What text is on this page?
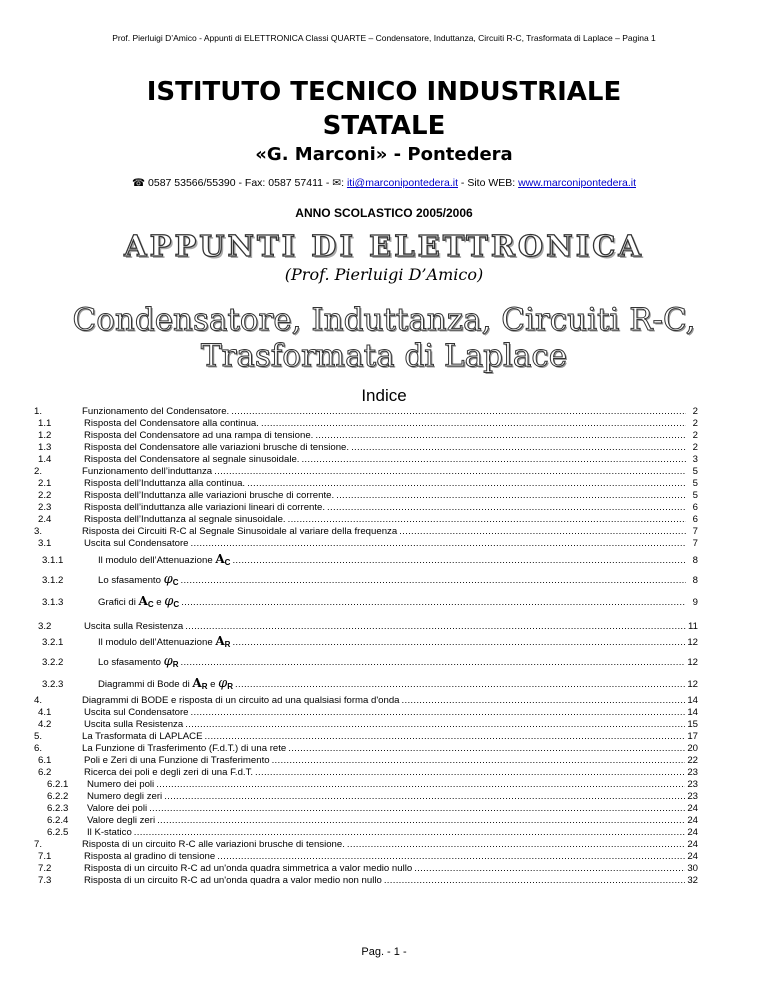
Prof. Pierluigi D’Amico - Appunti di ELETTRONICA Classi QUARTE – Condensatore, Induttanza, Circuiti R-C, Trasformata di Laplace – Pagina 1
ISTITUTO TECNICO INDUSTRIALE
STATALE
«G. Marconi» - Pontedera
☎ 0587 53566/55390 - Fax: 0587 57411 - ✉: iti@marconipontedera.it - Sito WEB: www.marconipontedera.it
ANNO SCOLASTICO 2005/2006
APPUNTI DI ELETTRONICA
(Prof. Pierluigi D’Amico)
Condensatore, Induttanza, Circuiti R-C,
Trasformata di Laplace
Indice
1.	Funzionamento del Condensatore. .....	2
1.1	Risposta del Condensatore alla continua. .....	2
1.2	Risposta del Condensatore ad una rampa di tensione. .....	2
1.3	Risposta del Condensatore alle variazioni brusche di tensione. .....	2
1.4	Risposta del Condensatore al segnale sinusoidale. .....	3
2.	Funzionamento dell’induttanza .....	5
2.1	Risposta dell’Induttanza alla continua. .....	5
2.2	Risposta dell’Induttanza alle variazioni brusche di corrente. .....	5
2.3	Risposta dell’induttanza alle variazioni lineari di corrente. .....	6
2.4	Risposta dell’Induttanza al segnale sinusoidale. .....	6
3.	Risposta dei Circuiti R-C al Segnale Sinusoidale al variare della frequenza .....	7
3.1	Uscita sul Condensatore .....	7
3.1.1	Il modulo dell’Attenuazione $A_C$ .....	8
3.1.2	Lo sfasamento $\varphi_C$ .....	8
3.1.3	Grafici di $A_C$ e $\varphi_C$ .....	9
3.2	Uscita sulla Resistenza .....	11
3.2.1	Il modulo dell’Attenuazione $A_R$ .....	12
3.2.2	Lo sfasamento $\varphi_R$ .....	12
3.2.3	Diagrammi di Bode di $A_R$ e $\varphi_R$ .....	12
4.	Diagrammi di BODE e risposta di un circuito ad una qualsiasi forma d'onda .....	14
4.1	Uscita sul Condensatore .....	14
4.2	Uscita sulla Resistenza .....	15
5.	La Trasformata di LAPLACE .....	17
6.	La Funzione di Trasferimento (F.d.T.) di una rete .....	20
6.1	Poli e Zeri di una Funzione di Trasferimento .....	22
6.2	Ricerca dei poli e degli zeri di una F.d.T. .....	23
6.2.1	Numero dei poli .....	23
6.2.2	Numero degli zeri .....	23
6.2.3	Valore dei poli .....	24
6.2.4	Valore degli zeri .....	24
6.2.5	Il K-statico .....	24
7.	Risposta di un circuito R-C alle variazioni brusche di tensione. .....	24
7.1	Risposta al gradino di tensione .....	24
7.2	Risposta di un circuito R-C ad un'onda quadra simmetrica a valor medio nullo .....	30
7.3	Risposta di un circuito R-C ad un'onda quadra a valor medio non nullo .....	32
Pag. - 1 -
